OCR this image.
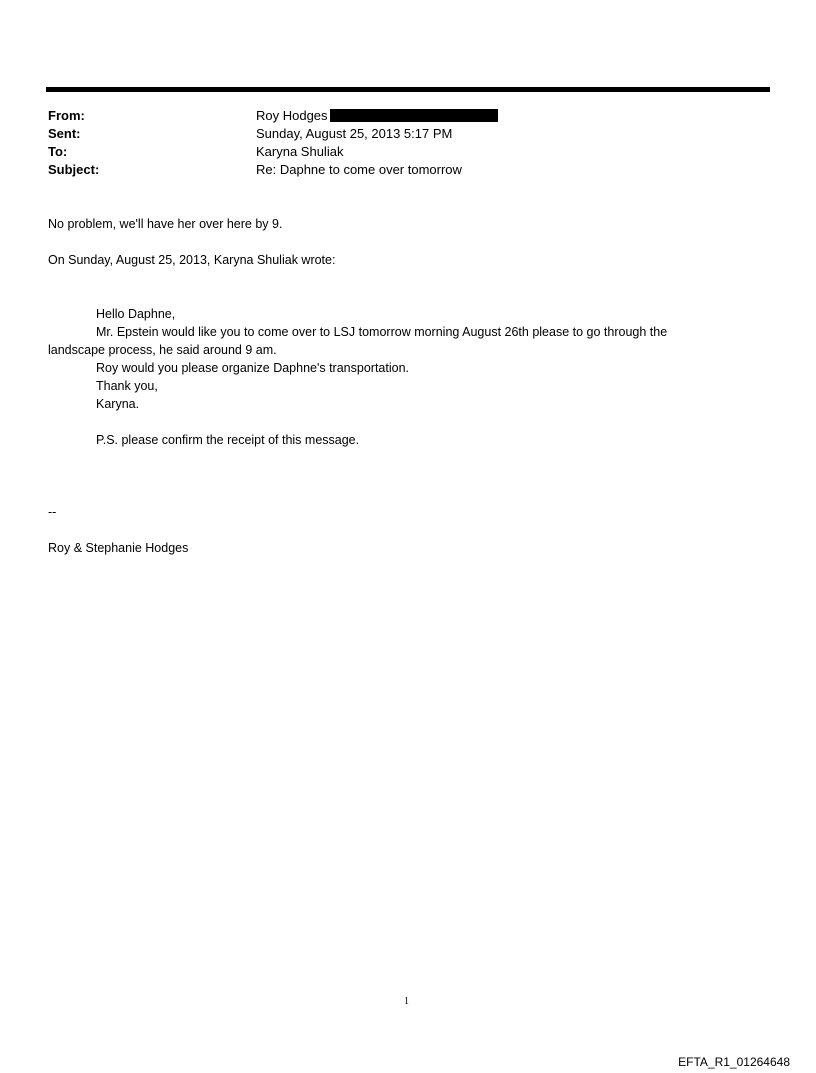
From:	Roy Hodges
Sent:	Sunday, August 25, 2013 5:17 PM
To:	Karyna Shuliak
Subject:	Re: Daphne to come over tomorrow
No problem, we'll have her over here by 9.
On Sunday, August 25, 2013, Karyna Shuliak wrote:
Hello Daphne,
Mr. Epstein would like you to come over to LSJ tomorrow morning August 26th please to go through the
landscape process, he said around 9 am.
Roy would you please organize Daphne's transportation.
Thank you,
Karyna.
P.S. please confirm the receipt of this message.
--
Roy & Stephanie Hodges
1
EFTA_R1_01264648
